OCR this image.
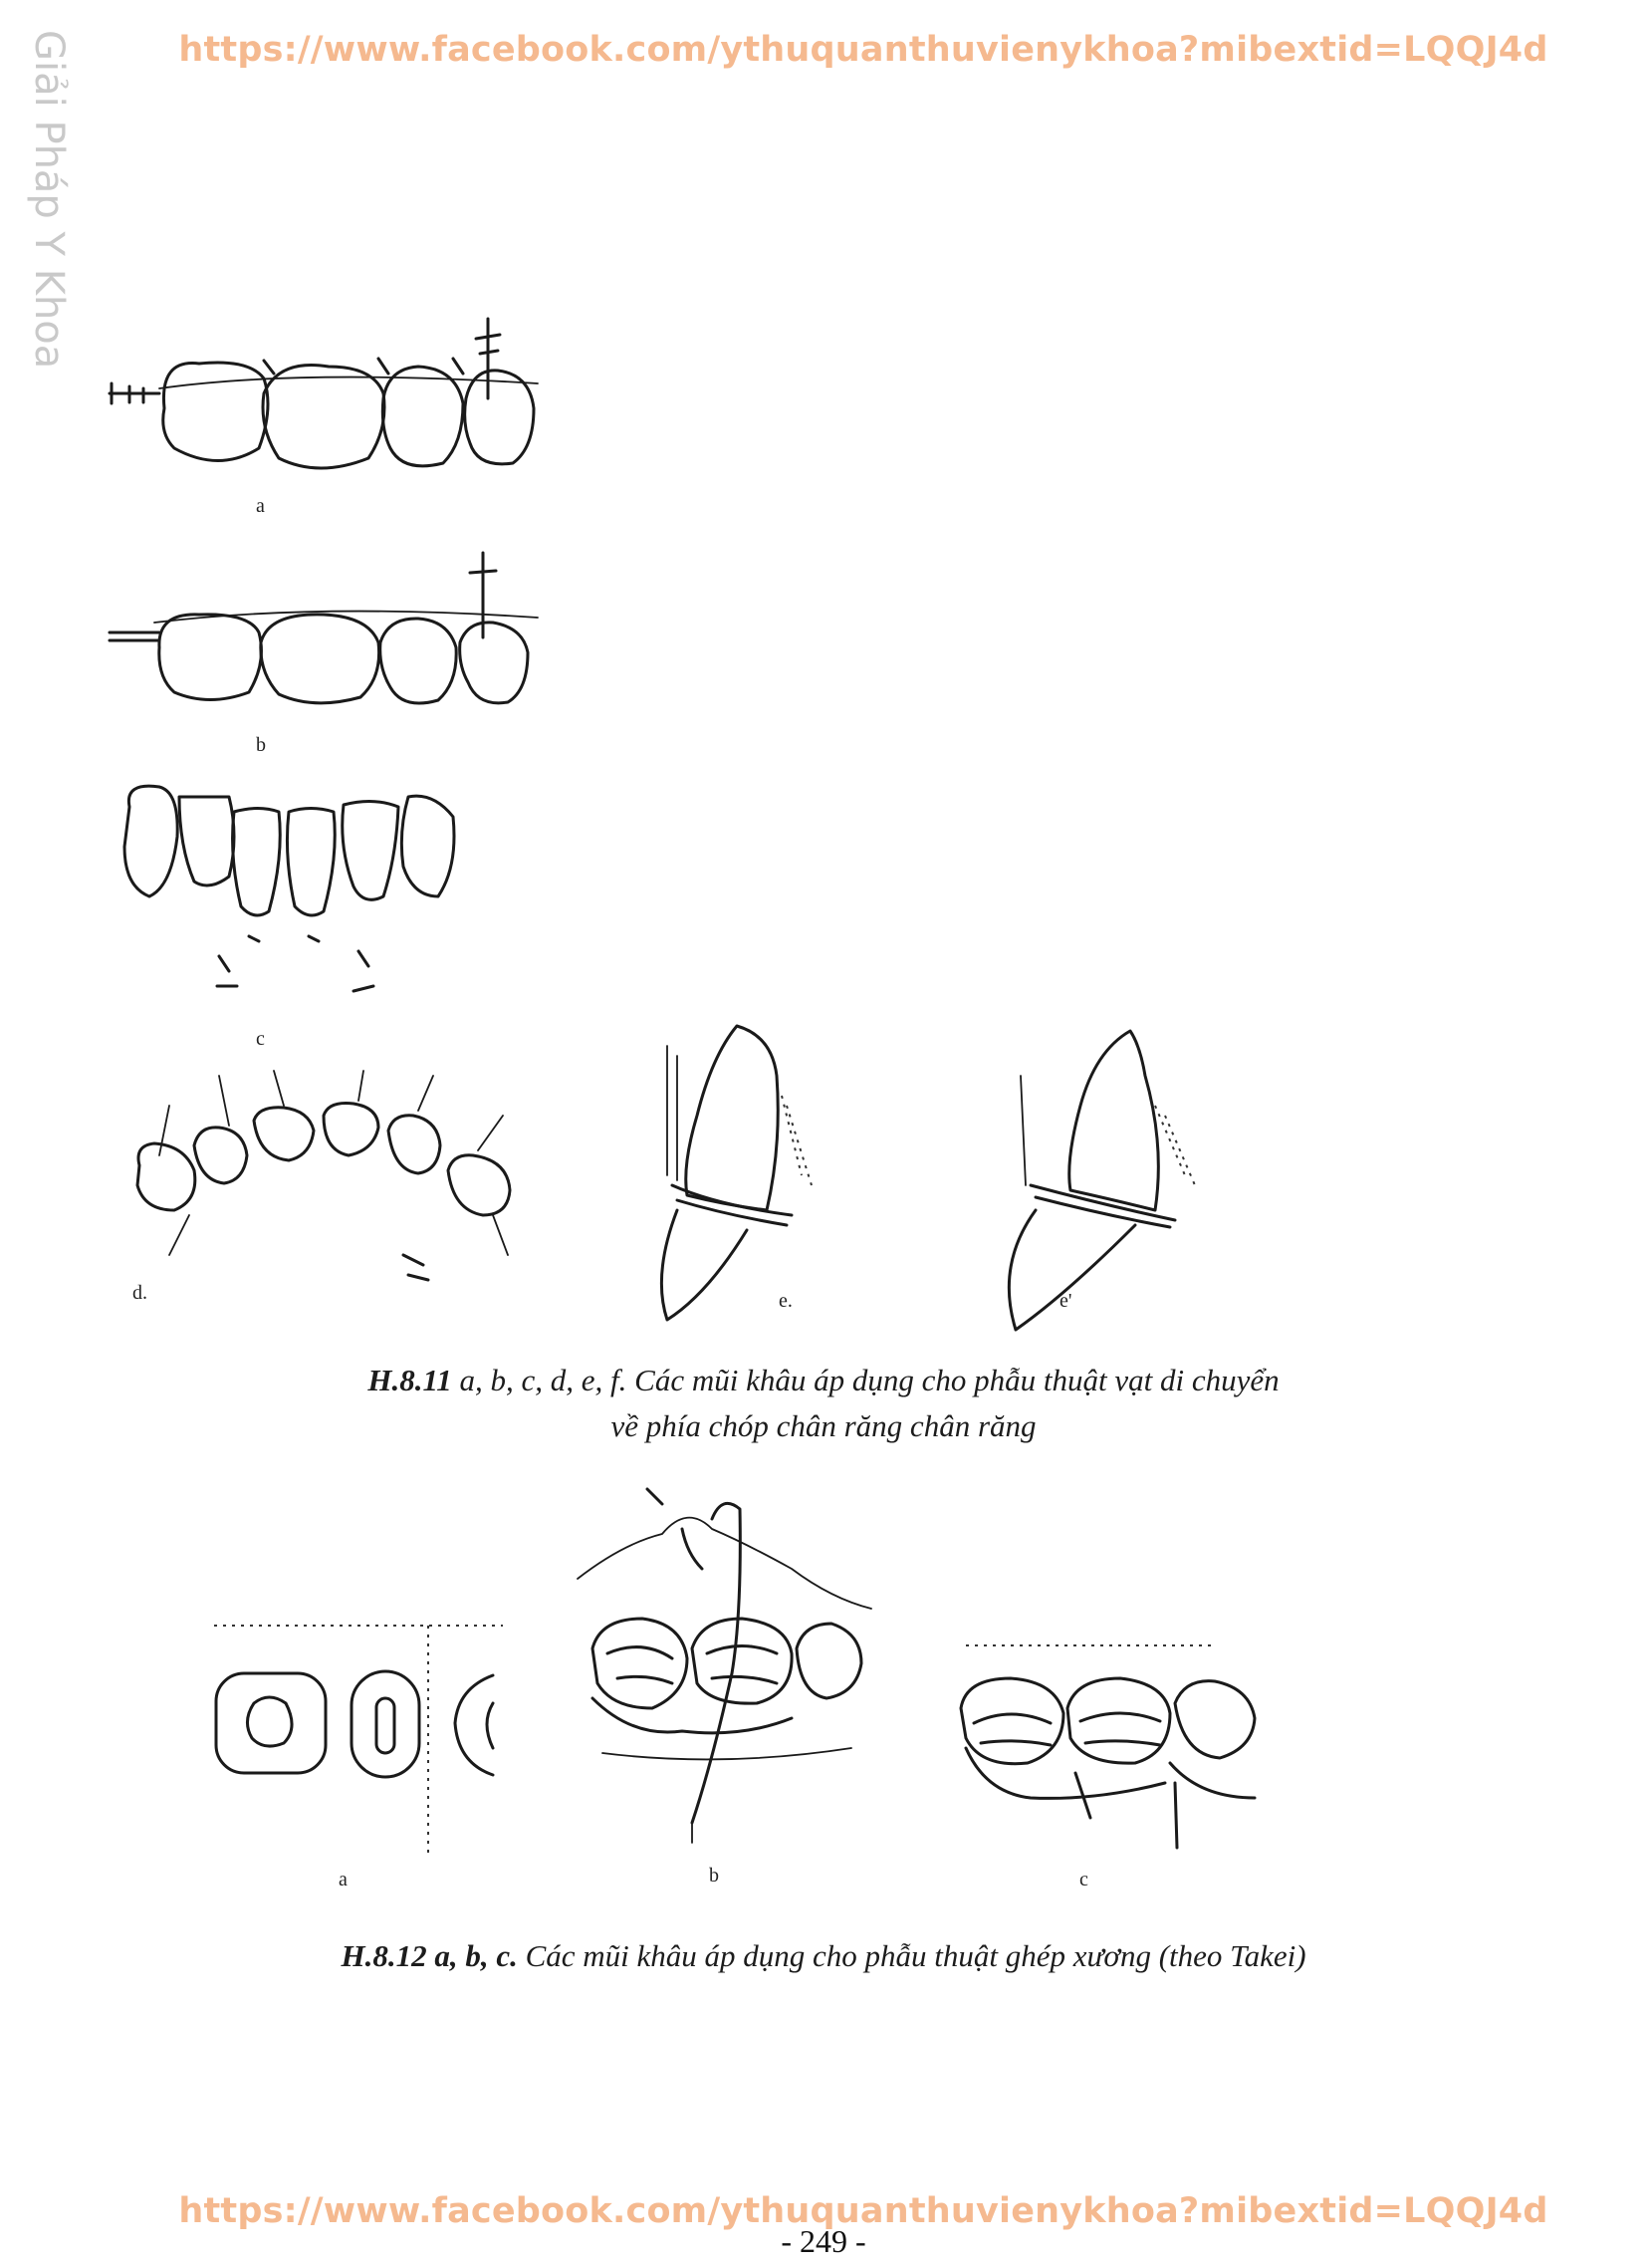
https://www.facebook.com/ythuquanthuvienykhoa?mibextid=LQQJ4d
Giải Pháp Y Khoa
a
b
c
d.	e.	e'
H.8.11 a, b, c, d, e, f. Các mũi khâu áp dụng cho phẫu thuật vạt di chuyển
về phía chóp chân răng chân răng
a	b	c
H.8.12 a, b, c. Các mũi khâu áp dụng cho phẫu thuật ghép xương (theo Takei)
https://www.facebook.com/ythuquanthuvienykhoa?mibextid=LQQJ4d
- 249 -
